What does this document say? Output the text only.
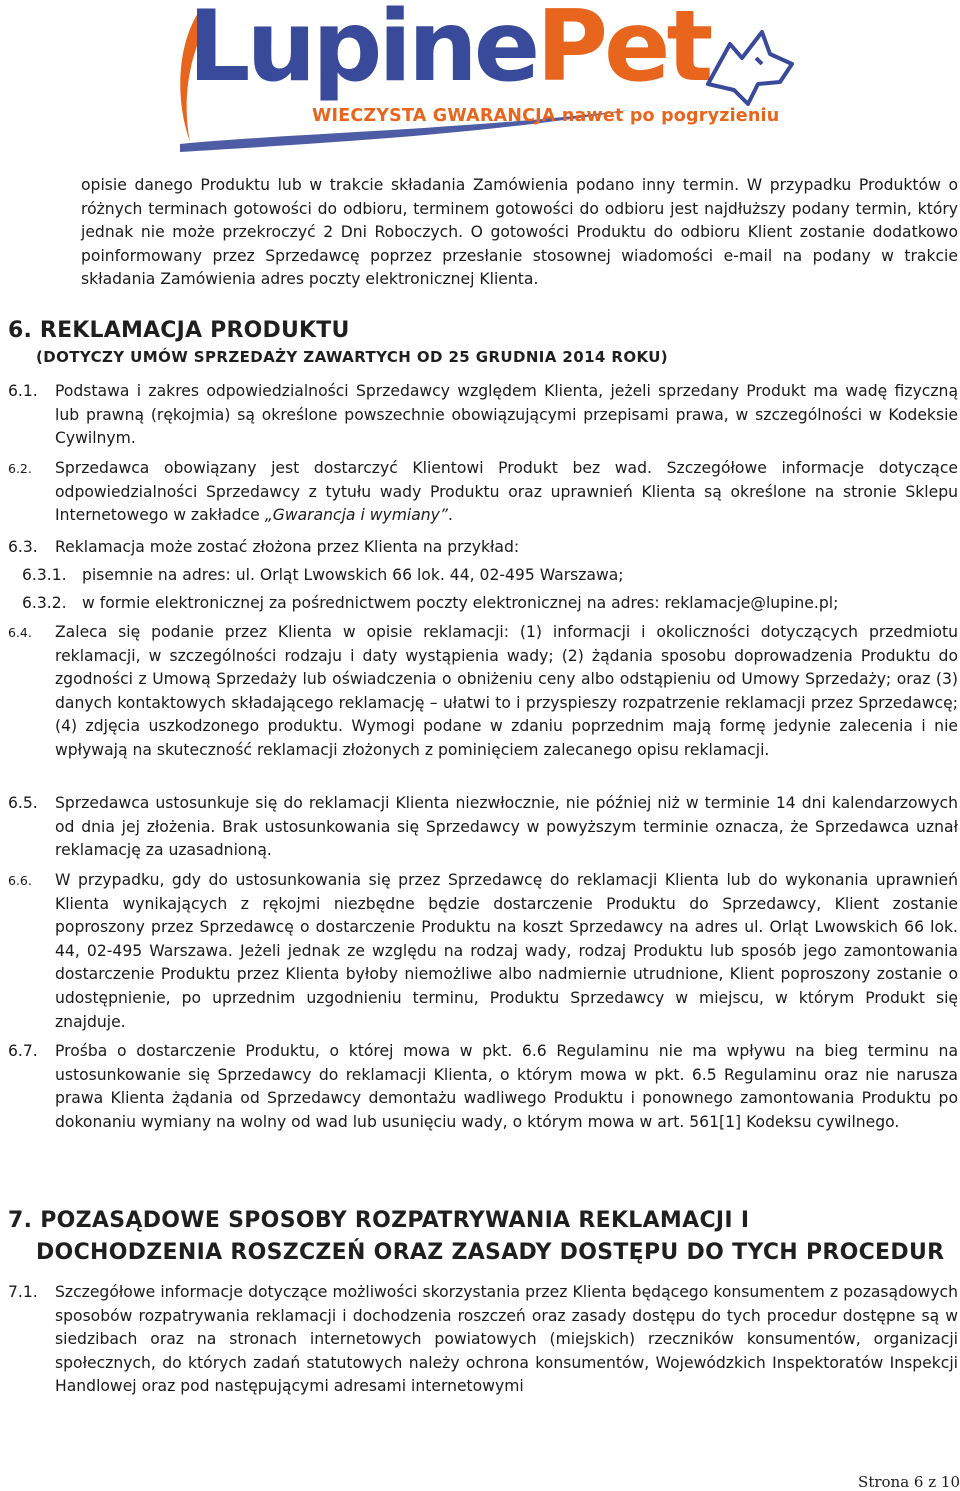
LupinePet
WIECZYSTA GWARANCJA nawet po pogryzieniu

opisie danego Produktu lub w trakcie składania Zamówienia podano inny termin. W przypadku Produktów o różnych terminach gotowości do odbioru, terminem gotowości do odbioru jest najdłuższy podany termin, który jednak nie może przekroczyć 2 Dni Roboczych. O gotowości Produktu do odbioru Klient zostanie dodatkowo poinformowany przez Sprzedawcę poprzez przesłanie stosownej wiadomości e-mail na podany w trakcie składania Zamówienia adres poczty elektronicznej Klienta.

6. REKLAMACJA PRODUKTU
(DOTYCZY UMÓW SPRZEDAŻY ZAWARTYCH OD 25 GRUDNIA 2014 ROKU)
6.1. Podstawa i zakres odpowiedzialności Sprzedawcy względem Klienta, jeżeli sprzedany Produkt ma wadę fizyczną lub prawną (rękojmia) są określone powszechnie obowiązującymi przepisami prawa, w szczególności w Kodeksie Cywilnym.

6.2. Sprzedawca obowiązany jest dostarczyć Klientowi Produkt bez wad. Szczegółowe informacje dotyczące odpowiedzialności Sprzedawcy z tytułu wady Produktu oraz uprawnień Klienta są określone na stronie Sklepu Internetowego w zakładce „Gwarancja i wymiany”.

6.3. Reklamacja może zostać złożona przez Klienta na przykład:

6.3.1. pisemnie na adres: ul. Orląt Lwowskich 66 lok. 44, 02-495 Warszawa;
6.3.2. w formie elektronicznej za pośrednictwem poczty elektronicznej na adres: reklamacje@lupine.pl;
6.4. Zaleca się podanie przez Klienta w opisie reklamacji: (1) informacji i okoliczności dotyczących przedmiotu reklamacji, w szczególności rodzaju i daty wystąpienia wady; (2) żądania sposobu doprowadzenia Produktu do zgodności z Umową Sprzedaży lub oświadczenia o obniżeniu ceny albo odstąpieniu od Umowy Sprzedaży; oraz (3) danych kontaktowych składającego reklamację – ułatwi to i przyspieszy rozpatrzenie reklamacji przez Sprzedawcę; (4) zdjęcia uszkodzonego produktu. Wymogi podane w zdaniu poprzednim mają formę jedynie zalecenia i nie wpływają na skuteczność reklamacji złożonych z pominięciem zalecanego opisu reklamacji.

6.5. Sprzedawca ustosunkuje się do reklamacji Klienta niezwłocznie, nie później niż w terminie 14 dni kalendarzowych od dnia jej złożenia. Brak ustosunkowania się Sprzedawcy w powyższym terminie oznacza, że Sprzedawca uznał reklamację za uzasadnioną.

6.6. W przypadku, gdy do ustosunkowania się przez Sprzedawcę do reklamacji Klienta lub do wykonania uprawnień Klienta wynikających z rękojmi niezbędne będzie dostarczenie Produktu do Sprzedawcy, Klient zostanie poproszony przez Sprzedawcę o dostarczenie Produktu na koszt Sprzedawcy na adres ul. Orląt Lwowskich 66 lok. 44, 02-495 Warszawa. Jeżeli jednak ze względu na rodzaj wady, rodzaj Produktu lub sposób jego zamontowania dostarczenie Produktu przez Klienta byłoby niemożliwe albo nadmiernie utrudnione, Klient poproszony zostanie o udostępnienie, po uprzednim uzgodnieniu terminu, Produktu Sprzedawcy w miejscu, w którym Produkt się znajduje.

6.7. Prośba o dostarczenie Produktu, o której mowa w pkt. 6.6 Regulaminu nie ma wpływu na bieg terminu na ustosunkowanie się Sprzedawcy do reklamacji Klienta, o którym mowa w pkt. 6.5 Regulaminu oraz nie narusza prawa Klienta żądania od Sprzedawcy demontażu wadliwego Produktu i ponownego zamontowania Produktu po dokonaniu wymiany na wolny od wad lub usunięciu wady, o którym mowa w art. 561[1] Kodeksu cywilnego.

7. POZASĄDOWE SPOSOBY ROZPATRYWANIA REKLAMACJI I
DOCHODZENIA ROSZCZEŃ ORAZ ZASADY DOSTĘPU DO TYCH PROCEDUR
7.1. Szczegółowe informacje dotyczące możliwości skorzystania przez Klienta będącego konsumentem z pozasądowych sposobów rozpatrywania reklamacji i dochodzenia roszczeń oraz zasady dostępu do tych procedur dostępne są w siedzibach oraz na stronach internetowych powiatowych (miejskich) rzeczników konsumentów, organizacji społecznych, do których zadań statutowych należy ochrona konsumentów, Wojewódzkich Inspektoratów Inspekcji Handlowej oraz pod następującymi adresami internetowymi

Strona 6 z 10
